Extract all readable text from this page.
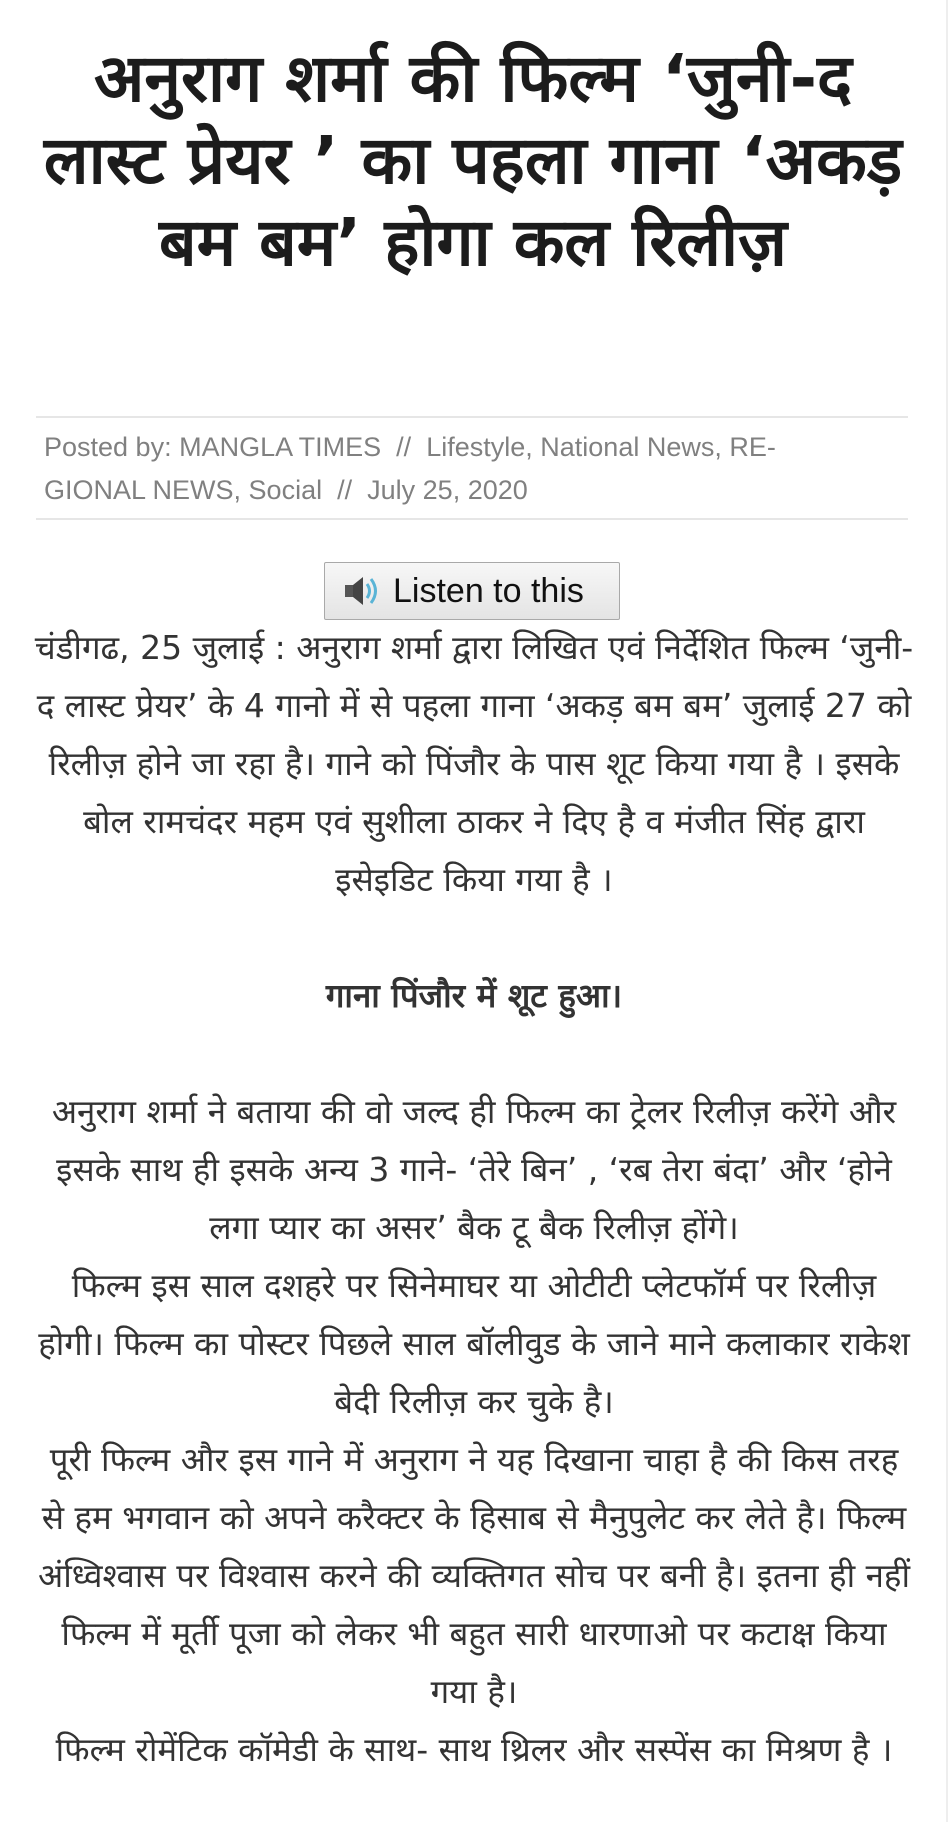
अनुराग शर्मा की फिल्म ‘जुनी-द लास्ट प्रेयर ’ का पहला गाना ‘अकड़ बम बम’ होगा कल रिलीज़
Posted by: MANGLA TIMES // Lifestyle, National News, REGIONAL NEWS, Social // July 25, 2020
Listen to this

चंडीगढ, 25 जुलाई : अनुराग शर्मा द्वारा लिखित एवं निर्देशित फिल्म ‘जुनी-द लास्ट प्रेयर’ के 4 गानो में से पहला गाना ‘अकड़ बम बम’ जुलाई 27 को रिलीज़ होने जा रहा है। गाने को पिंजौर के पास शूट किया गया है । इसके बोल रामचंदर महम एवं सुशीला ठाकर ने दिए है व मंजीत सिंह द्वारा इसेइडिट किया गया है ।

गाना पिंजौर में शूट हुआ।

अनुराग शर्मा ने बताया की वो जल्द ही फिल्म का ट्रेलर रिलीज़ करेंगे और इसके साथ ही इसके अन्य 3 गाने- ‘तेरे बिन’ , ‘रब तेरा बंदा’ और ‘होने लगा प्यार का असर’ बैक टू बैक रिलीज़ होंगे।

फिल्म इस साल दशहरे पर सिनेमाघर या ओटीटी प्लेटफॉर्म पर रिलीज़ होगी। फिल्म का पोस्टर पिछले साल बॉलीवुड के जाने माने कलाकार राकेश बेदी रिलीज़ कर चुके है।

पूरी फिल्म और इस गाने में अनुराग ने यह दिखाना चाहा है की किस तरह से हम भगवान को अपने करैक्टर के हिसाब से मैनुपुलेट कर लेते है। फिल्म अंध्विश्वास पर विश्वास करने की व्यक्तिगत सोच पर बनी है। इतना ही नहीं फिल्म में मूर्ती पूजा को लेकर भी बहुत सारी धारणाओ पर कटाक्ष किया गया है।

फिल्म रोमेंटिक कॉमेडी के साथ- साथ थ्रिलर और सस्पेंस का मिश्रण है ।
